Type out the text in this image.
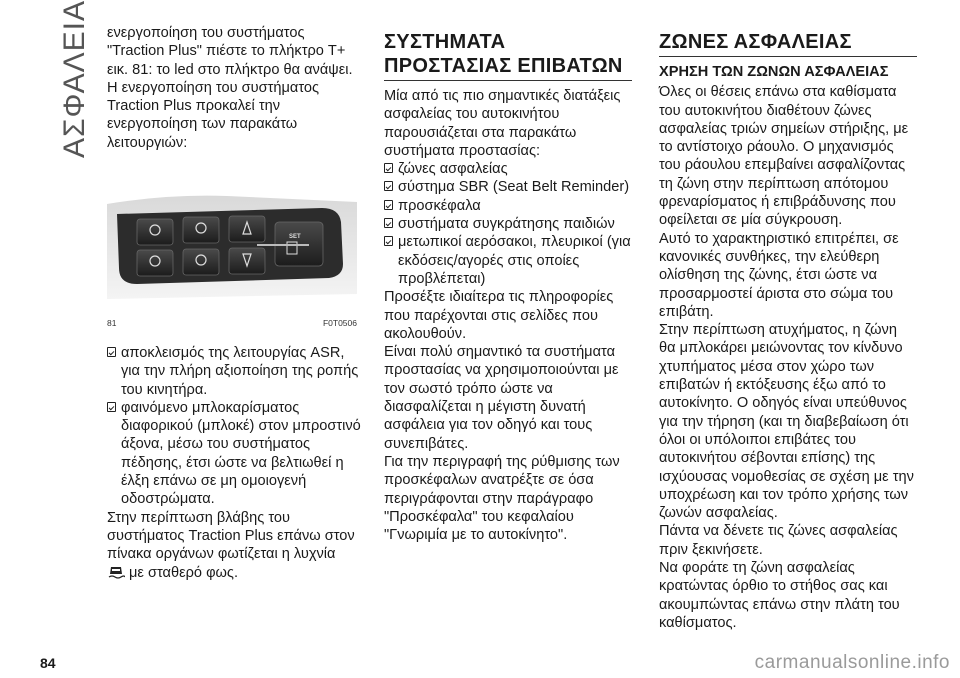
ΑΣΦΑΛΕΙΑ ενεργοποίηση του συστήματος "Traction Plus" πιέστε το πλήκτρο T+ εικ. 81: το led στο πλήκτρο θα ανάψει. Η ενεργοποίηση του συστήματος Traction Plus προκαλεί την ενεργοποίηση των παρακάτω λειτουργιών:

SET
81	F0T0506
αποκλεισμός της λειτουργίας ASR, για την πλήρη αξιοποίηση της ροπής του κινητήρα.
φαινόμενο μπλοκαρίσματος διαφορικού (μπλοκέ) στον μπροστινό άξονα, μέσω του συστήματος πέδησης, έτσι ώστε να βελτιωθεί η έλξη επάνω σε μη ομοιογενή οδοστρώματα.

Στην περίπτωση βλάβης του συστήματος Traction Plus επάνω στον πίνακα οργάνων φωτίζεται η λυχνία

με σταθερό φως.

ΣΥΣΤΗΜΑΤΑ ΠΡΟΣΤΑΣΙΑΣ ΕΠΙΒΑΤΩΝ

Μία από τις πιο σημαντικές διατάξεις ασφαλείας του αυτοκινήτου παρουσιάζεται στα παρακάτω συστήματα προστασίας:

ζώνες ασφαλείας
σύστημα SBR (Seat Belt Reminder)
προσκέφαλα
συστήματα συγκράτησης παιδιών
μετωπικοί αερόσακοι, πλευρικοί (για εκδόσεις/αγορές στις οποίες προβλέπεται)

Προσέξτε ιδιαίτερα τις πληροφορίες που παρέχονται στις σελίδες που ακολουθούν.

Είναι πολύ σημαντικό τα συστήματα προστασίας να χρησιμοποιούνται με τον σωστό τρόπο ώστε να διασφαλίζεται η μέγιστη δυνατή ασφάλεια για τον οδηγό και τους συνεπιβάτες.

Για την περιγραφή της ρύθμισης των προσκέφαλων ανατρέξτε σε όσα περιγράφονται στην παράγραφο "Προσκέφαλα" του κεφαλαίου "Γνωριμία με το αυτοκίνητο".

ΖΩΝΕΣ ΑΣΦΑΛΕΙΑΣ
ΧΡΗΣΗ ΤΩΝ ΖΩΝΩΝ ΑΣΦΑΛΕΙΑΣ

Όλες οι θέσεις επάνω στα καθίσματα του αυτοκινήτου διαθέτουν ζώνες ασφαλείας τριών σημείων στήριξης, με το αντίστοιχο ράουλο. Ο μηχανισμός του ράουλου επεμβαίνει ασφαλίζοντας τη ζώνη στην περίπτωση απότομου φρεναρίσματος ή επιβράδυνσης που οφείλεται σε μία σύγκρουση.

Αυτό το χαρακτηριστικό επιτρέπει, σε κανονικές συνθήκες, την ελεύθερη ολίσθηση της ζώνης, έτσι ώστε να προσαρμοστεί άριστα στο σώμα του επιβάτη.

Στην περίπτωση ατυχήματος, η ζώνη θα μπλοκάρει μειώνοντας τον κίνδυνο χτυπήματος μέσα στον χώρο των επιβατών ή εκτόξευσης έξω από το αυτοκίνητο. Ο οδηγός είναι υπεύθυνος για την τήρηση (και τη διαβεβαίωση ότι όλοι οι υπόλοιποι επιβάτες του αυτοκινήτου σέβονται επίσης) της ισχύουσας νομοθεσίας σε σχέση με την υποχρέωση και τον τρόπο χρήσης των ζωνών ασφαλείας.

Πάντα να δένετε τις ζώνες ασφαλείας πριν ξεκινήσετε.

Να φοράτε τη ζώνη ασφαλείας κρατώντας όρθιο το στήθος σας και ακουμπώντας επάνω στην πλάτη του καθίσματος.

84	carmanualsonline.info
